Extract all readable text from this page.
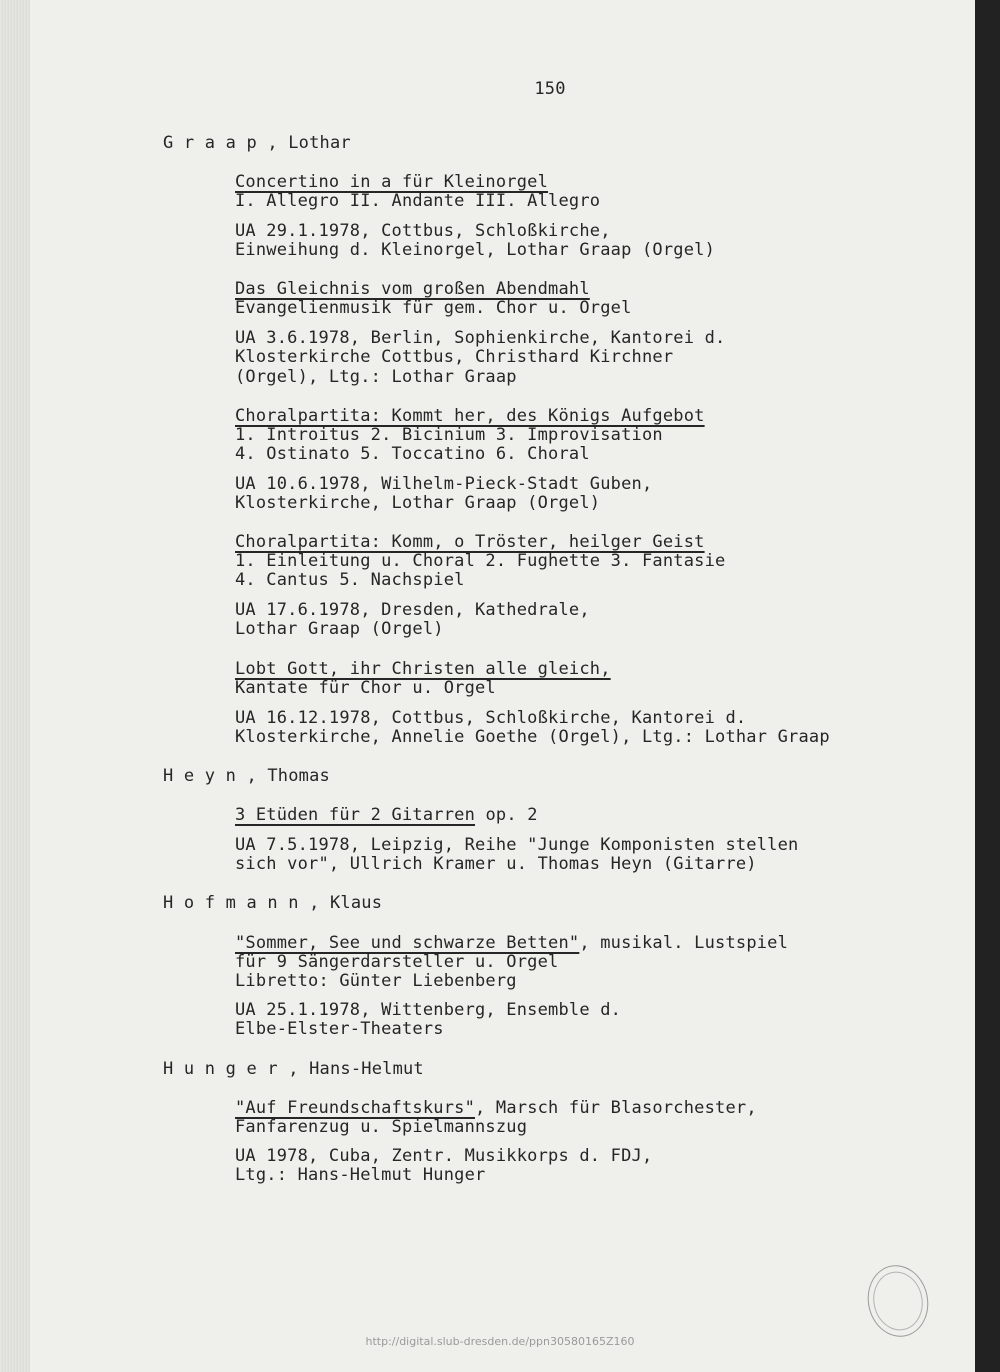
150
G r a a p , Lothar
Concertino in a für Kleinorgel
I. Allegro II. Andante III. Allegro
UA 29.1.1978, Cottbus, Schloßkirche,
Einweihung d. Kleinorgel, Lothar Graap (Orgel)
Das Gleichnis vom großen Abendmahl
Evangelienmusik für gem. Chor u. Orgel
UA 3.6.1978, Berlin, Sophienkirche, Kantorei d.
Klosterkirche Cottbus, Christhard Kirchner
(Orgel), Ltg.: Lothar Graap
Choralpartita: Kommt her, des Königs Aufgebot
1. Introitus 2. Bicinium 3. Improvisation
4. Ostinato 5. Toccatino 6. Choral
UA 10.6.1978, Wilhelm-Pieck-Stadt Guben,
Klosterkirche, Lothar Graap (Orgel)
Choralpartita: Komm, o Tröster, heilger Geist
1. Einleitung u. Choral 2. Fughette 3. Fantasie
4. Cantus 5. Nachspiel
UA 17.6.1978, Dresden, Kathedrale,
Lothar Graap (Orgel)
Lobt Gott, ihr Christen alle gleich,
Kantate für Chor u. Orgel
UA 16.12.1978, Cottbus, Schloßkirche, Kantorei d.
Klosterkirche, Annelie Goethe (Orgel), Ltg.: Lothar Graap
H e y n , Thomas
3 Etüden für 2 Gitarren op. 2
UA 7.5.1978, Leipzig, Reihe "Junge Komponisten stellen
sich vor", Ullrich Kramer u. Thomas Heyn (Gitarre)
H o f m a n n , Klaus
"Sommer, See und schwarze Betten", musikal. Lustspiel
für 9 Sängerdarsteller u. Orgel
Libretto: Günter Liebenberg
UA 25.1.1978, Wittenberg, Ensemble d.
Elbe-Elster-Theaters
H u n g e r , Hans-Helmut
"Auf Freundschaftskurs", Marsch für Blasorchester,
Fanfarenzug u. Spielmannszug
UA 1978, Cuba, Zentr. Musikkorps d. FDJ,
Ltg.: Hans-Helmut Hunger
http://digital.slub-dresden.de/ppn30580165Z160
